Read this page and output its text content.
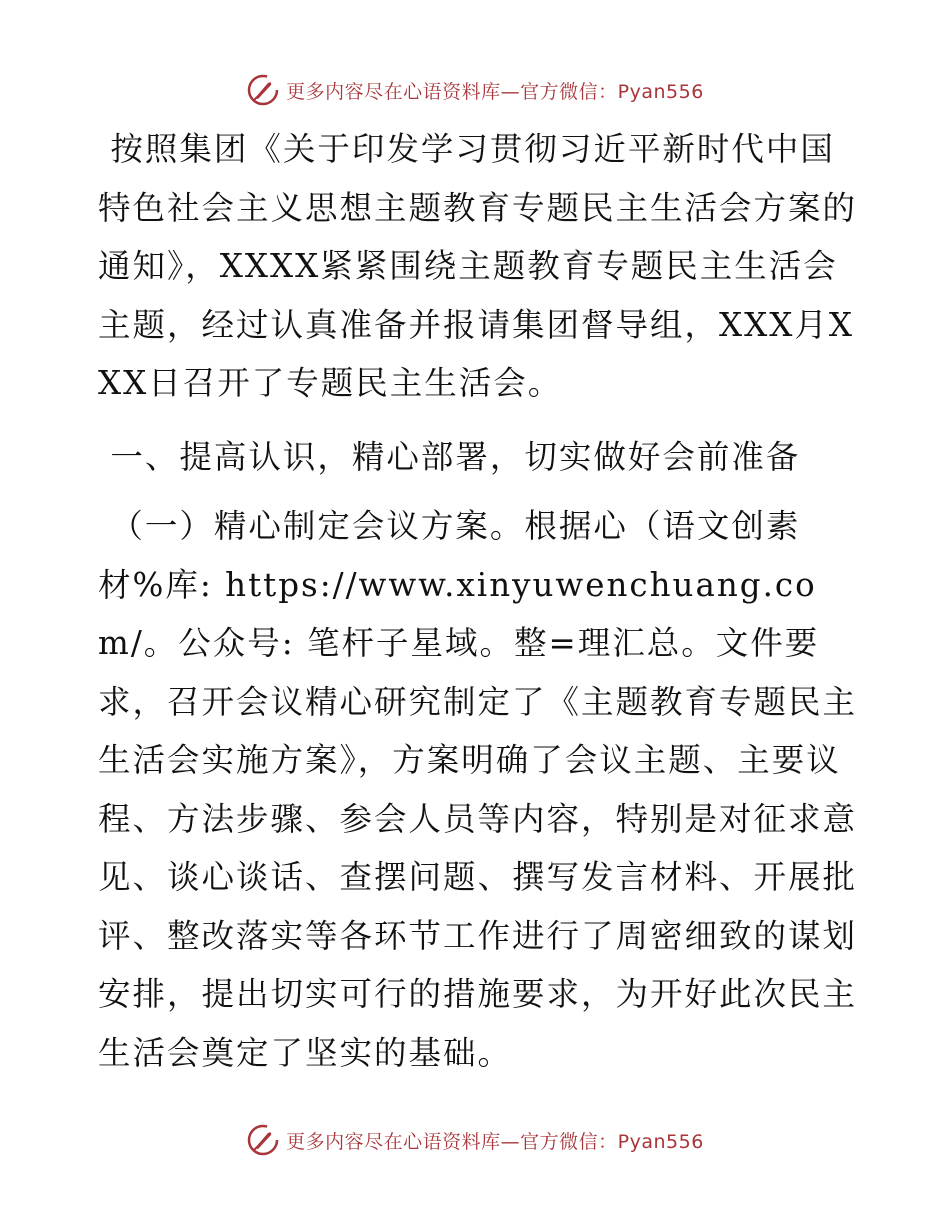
更多内容尽在心语资料库—官方微信：Pyan556

按照集团《关于印发学习贯彻习近平新时代中国特色社会主义思想主题教育专题民主生活会方案的通知》，XXXX紧紧围绕主题教育专题民主生活会主题，经过认真准备并报请集团督导组，XXX月XXX日召开了专题民主生活会。

一、提高认识，精心部署，切实做好会前准备

（一）精心制定会议方案。根据心（语文创素材%库: https://www.xinyuwenchuang.com/。公众号: 笔杆子星域。整=理汇总。文件要求，召开会议精心研究制定了《主题教育专题民主生活会实施方案》，方案明确了会议主题、主要议程、方法步骤、参会人员等内容，特别是对征求意见、谈心谈话、查摆问题、撰写发言材料、开展批评、整改落实等各环节工作进行了周密细致的谋划安排，提出切实可行的措施要求，为开好此次民主生活会奠定了坚实的基础。

更多内容尽在心语资料库—官方微信：Pyan556
